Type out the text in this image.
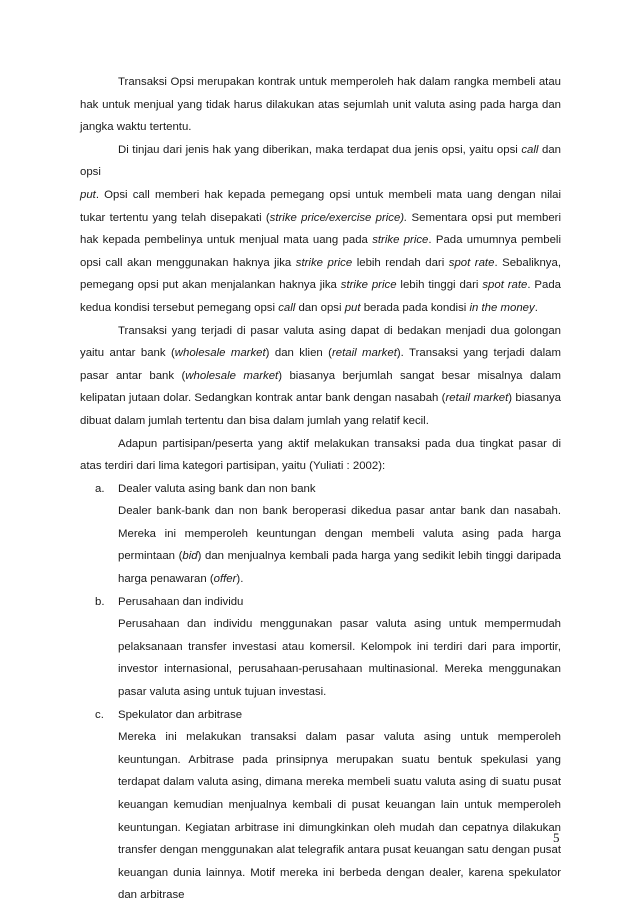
Transaksi Opsi merupakan kontrak untuk memperoleh hak dalam rangka membeli atau hak untuk menjual yang tidak harus dilakukan atas sejumlah unit valuta asing pada harga dan jangka waktu tertentu.

Di tinjau dari jenis hak yang diberikan, maka terdapat dua jenis opsi, yaitu opsi call dan opsi

put. Opsi call memberi hak kepada pemegang opsi untuk membeli mata uang dengan nilai tukar tertentu yang telah disepakati (strike price/exercise price). Sementara opsi put memberi hak kepada pembelinya untuk menjual mata uang pada strike price. Pada umumnya pembeli opsi call akan menggunakan haknya jika strike price lebih rendah dari spot rate. Sebaliknya, pemegang opsi put akan menjalankan haknya jika strike price lebih tinggi dari spot rate. Pada kedua kondisi tersebut pemegang opsi call dan opsi put berada pada kondisi in the money.

Transaksi yang terjadi di pasar valuta asing dapat di bedakan menjadi dua golongan yaitu antar bank (wholesale market) dan klien (retail market). Transaksi yang terjadi dalam pasar antar bank (wholesale market) biasanya berjumlah sangat besar misalnya dalam kelipatan jutaan dolar. Sedangkan kontrak antar bank dengan nasabah (retail market) biasanya dibuat dalam jumlah tertentu dan bisa dalam jumlah yang relatif kecil.

Adapun partisipan/peserta yang aktif melakukan transaksi pada dua tingkat pasar di atas terdiri dari lima kategori partisipan, yaitu (Yuliati : 2002):

a.	Dealer valuta asing bank dan non bank

Dealer bank-bank dan non bank beroperasi dikedua pasar antar bank dan nasabah. Mereka ini memperoleh keuntungan dengan membeli valuta asing pada harga permintaan (bid) dan menjualnya kembali pada harga yang sedikit lebih tinggi daripada harga penawaran (offer).

b.	Perusahaan dan individu

Perusahaan dan individu menggunakan pasar valuta asing untuk mempermudah pelaksanaan transfer investasi atau komersil. Kelompok ini terdiri dari para importir, investor internasional, perusahaan-perusahaan multinasional. Mereka menggunakan pasar valuta asing untuk tujuan investasi.

c.	Spekulator dan arbitrase

Mereka ini melakukan transaksi dalam pasar valuta asing untuk memperoleh keuntungan. Arbitrase pada prinsipnya merupakan suatu bentuk spekulasi yang terdapat dalam valuta asing, dimana mereka membeli suatu valuta asing di suatu pusat keuangan kemudian menjualnya kembali di pusat keuangan lain untuk memperoleh keuntungan. Kegiatan arbitrase ini dimungkinkan oleh mudah dan cepatnya dilakukan transfer dengan menggunakan alat telegrafik antara pusat keuangan satu dengan pusat keuangan dunia lainnya. Motif mereka ini berbeda dengan dealer, karena spekulator dan arbitrase

5
